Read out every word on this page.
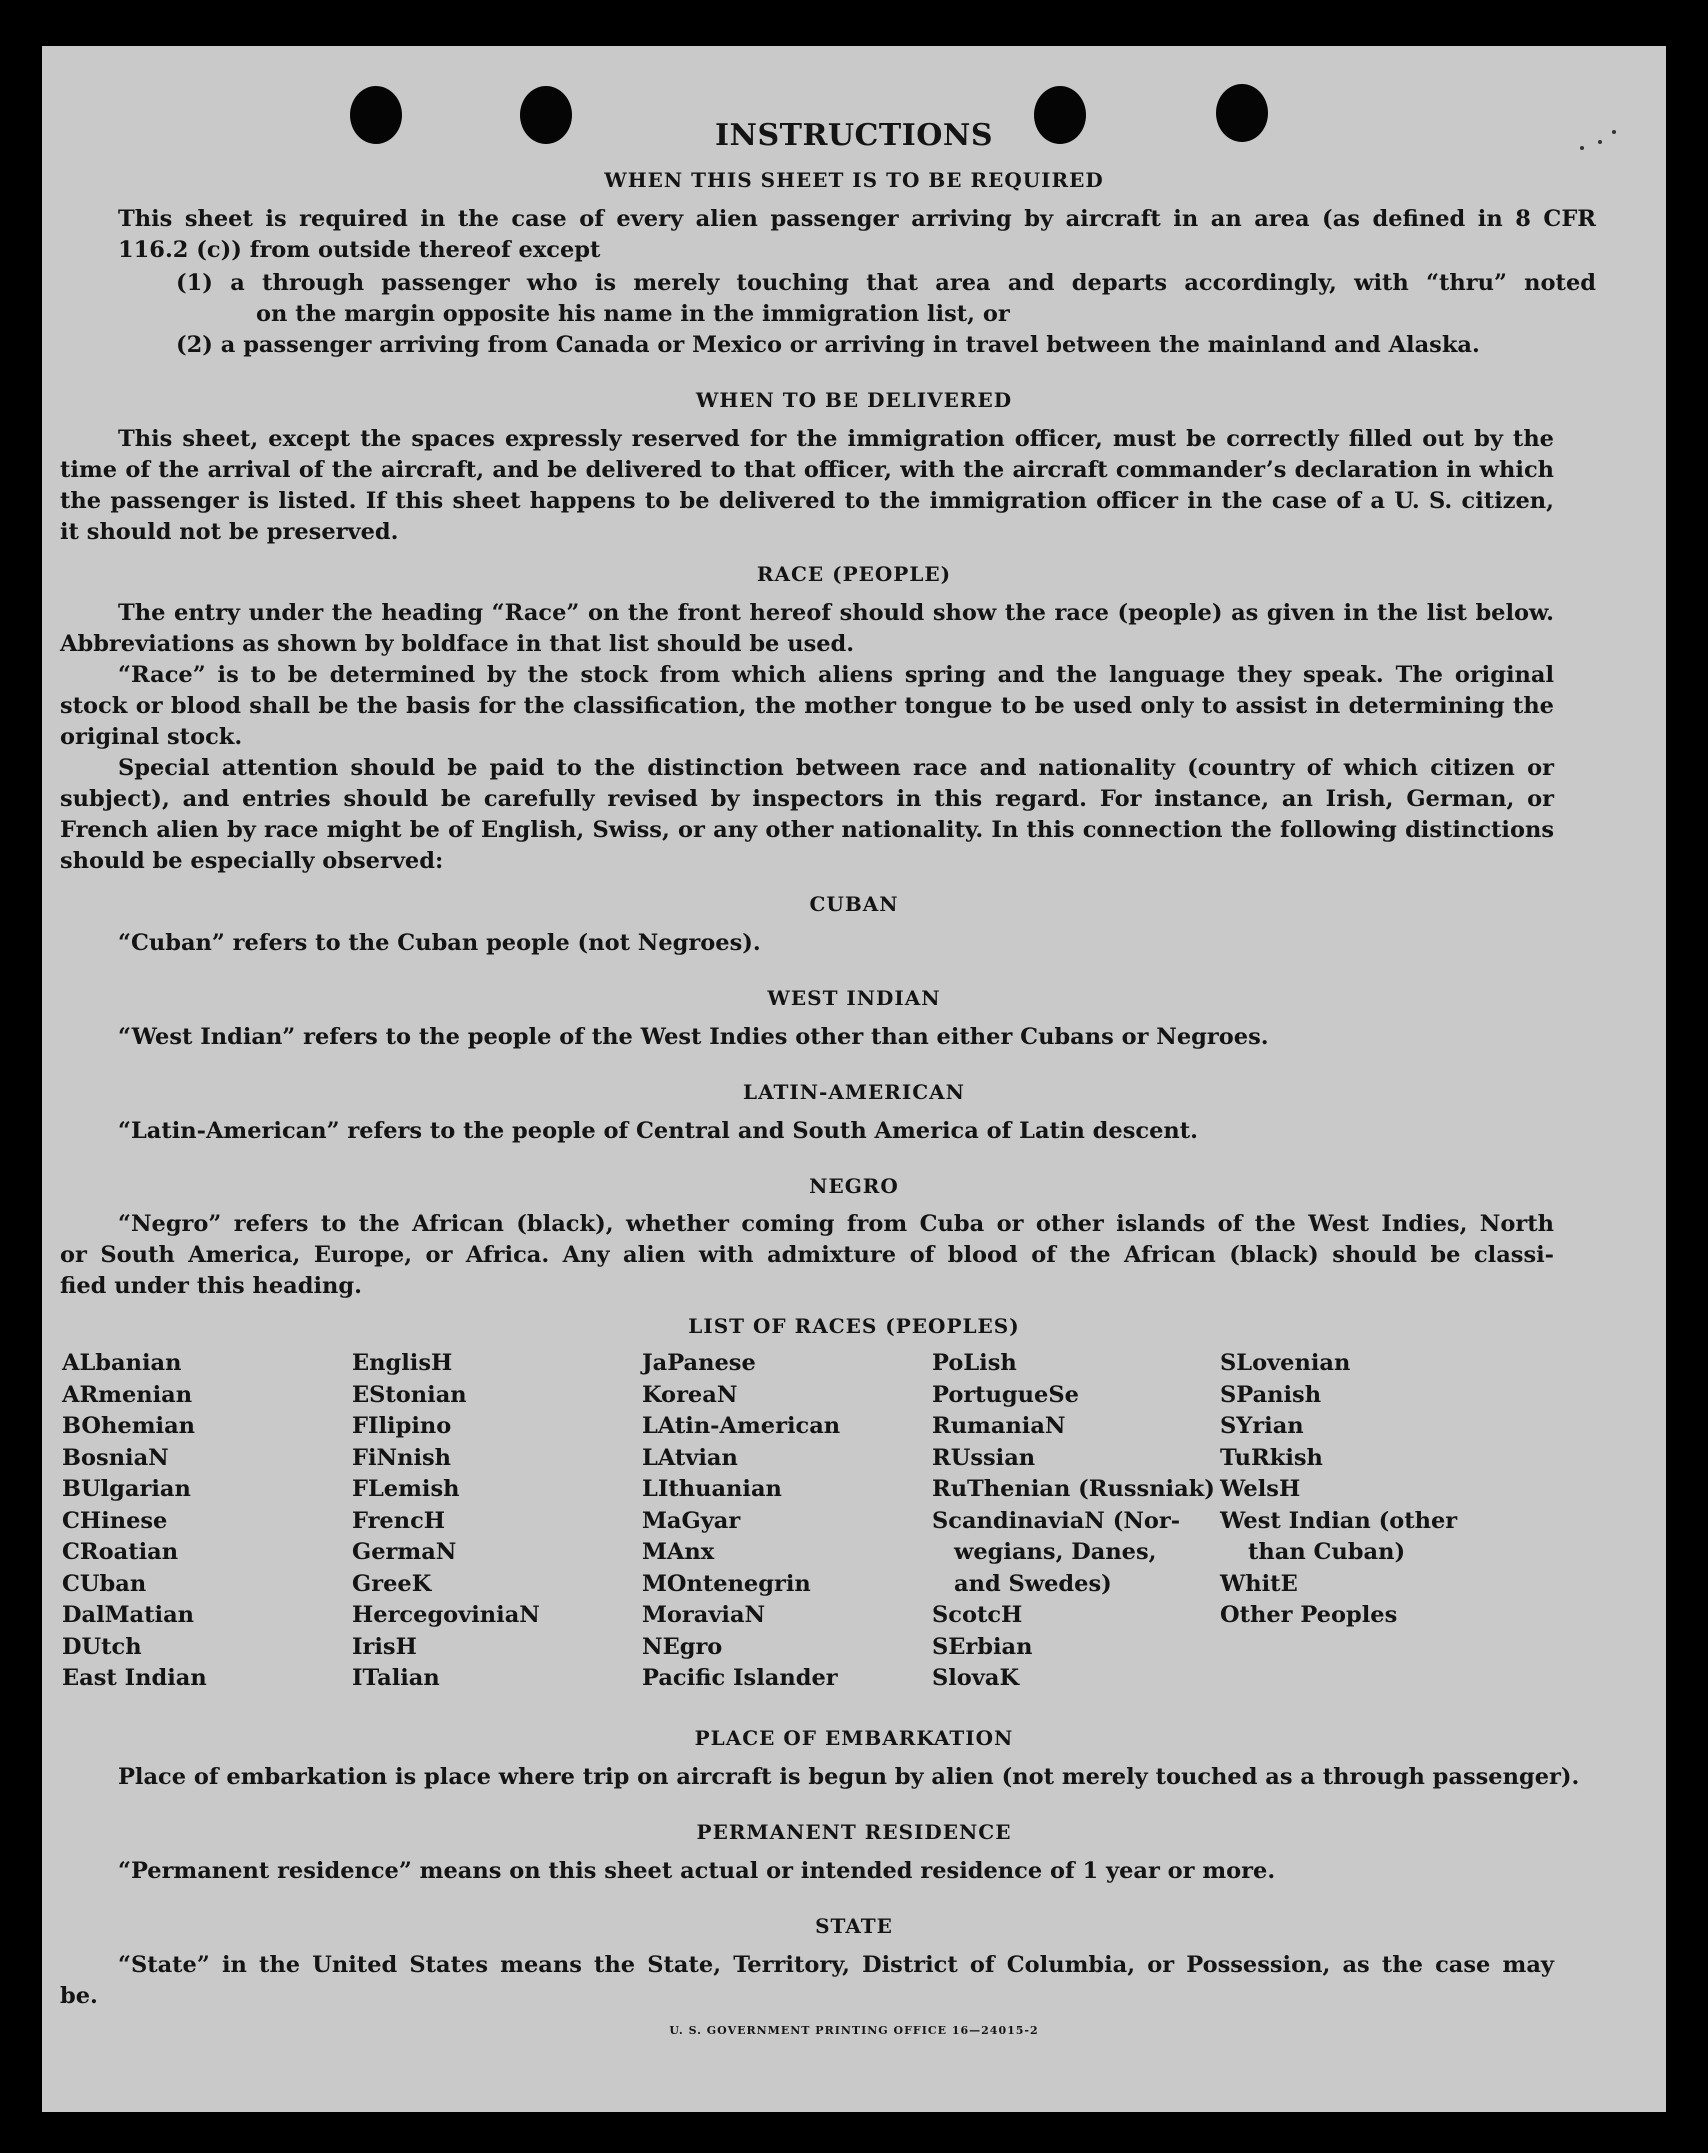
INSTRUCTIONS
WHEN THIS SHEET IS TO BE REQUIRED
This sheet is required in the case of every alien passenger arriving by aircraft in an area (as defined in 8 CFR
116.2 (c)) from outside thereof except
(1) a through passenger who is merely touching that area and departs accordingly, with “thru” noted
on the margin opposite his name in the immigration list, or
(2) a passenger arriving from Canada or Mexico or arriving in travel between the mainland and Alaska.
WHEN TO BE DELIVERED
This sheet, except the spaces expressly reserved for the immigration officer, must be correctly filled out by the
time of the arrival of the aircraft, and be delivered to that officer, with the aircraft commander’s declaration in which
the passenger is listed. If this sheet happens to be delivered to the immigration officer in the case of a U. S. citizen,
it should not be preserved.
RACE (PEOPLE)
The entry under the heading “Race” on the front hereof should show the race (people) as given in the list below.
Abbreviations as shown by boldface in that list should be used.
“Race” is to be determined by the stock from which aliens spring and the language they speak. The original
stock or blood shall be the basis for the classification, the mother tongue to be used only to assist in determining the
original stock.
Special attention should be paid to the distinction between race and nationality (country of which citizen or
subject), and entries should be carefully revised by inspectors in this regard. For instance, an Irish, German, or
French alien by race might be of English, Swiss, or any other nationality. In this connection the following distinctions
should be especially observed:
CUBAN
“Cuban” refers to the Cuban people (not Negroes).
WEST INDIAN
“West Indian” refers to the people of the West Indies other than either Cubans or Negroes.
LATIN-AMERICAN
“Latin-American” refers to the people of Central and South America of Latin descent.
NEGRO
“Negro” refers to the African (black), whether coming from Cuba or other islands of the West Indies, North
or South America, Europe, or Africa. Any alien with admixture of blood of the African (black) should be classi-
fied under this heading.
LIST OF RACES (PEOPLES)
ALbanian
ARmenian
BOhemian
BosniaN
BUlgarian
CHinese
CRoatian
CUban
DalMatian
DUtch
East Indian
EnglisH
EStonian
FIlipino
FiNnish
FLemish
FrencH
GermaN
GreeK
HercegoviniaN
IrisH
ITalian
JaPanese
KoreaN
LAtin-American
LAtvian
LIthuanian
MaGyar
MAnx
MOntenegrin
MoraviaN
NEgro
Pacific Islander
PoLish
PortugueSe
RumaniaN
RUssian
RuThenian (Russniak)
ScandinaviaN (Nor-
wegians, Danes,
and Swedes)
ScotcH
SErbian
SlovaK
SLovenian
SPanish
SYrian
TuRkish
WelsH
West Indian (other
than Cuban)
WhitE
Other Peoples
PLACE OF EMBARKATION
Place of embarkation is place where trip on aircraft is begun by alien (not merely touched as a through passenger).
PERMANENT RESIDENCE
“Permanent residence” means on this sheet actual or intended residence of 1 year or more.
STATE
“State” in the United States means the State, Territory, District of Columbia, or Possession, as the case may
be.
U. S. GOVERNMENT PRINTING OFFICE 16—24015-2
